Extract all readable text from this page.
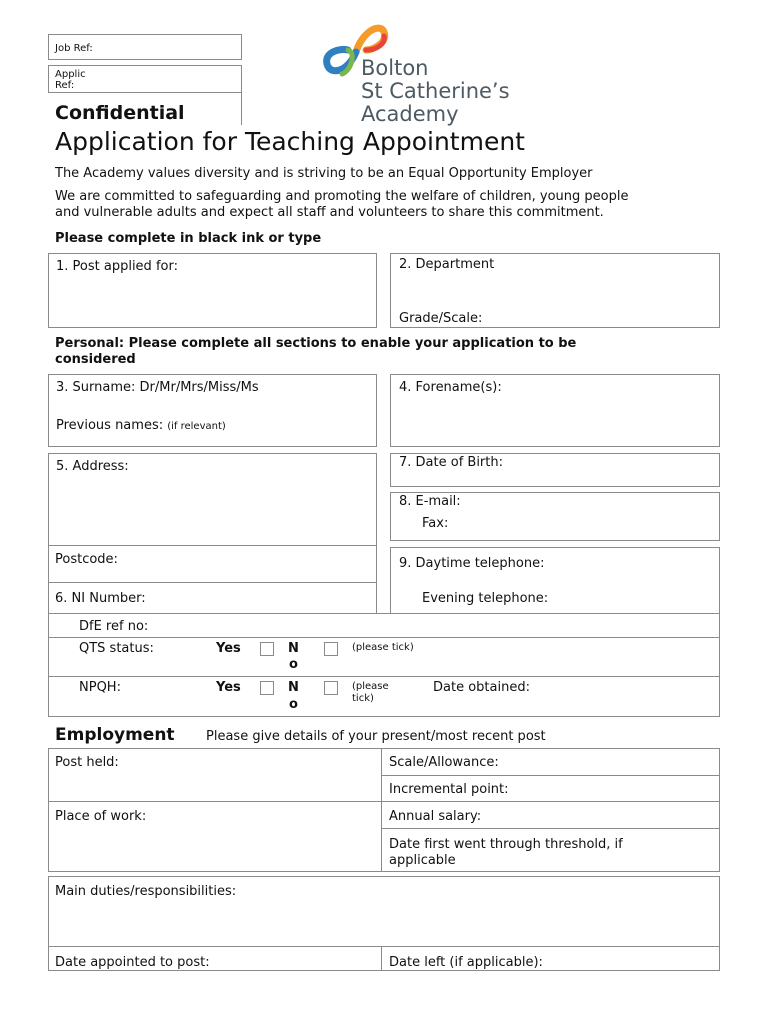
Job Ref:
Applic
Ref:
Confidential
Bolton
St Catherine’s
Academy
Application for Teaching Appointment
The Academy values diversity and is striving to be an Equal Opportunity Employer
We are committed to safeguarding and promoting the welfare of children, young people
and vulnerable adults and expect all staff and volunteers to share this commitment.
Please complete in black ink or type
1. Post applied for:	2. Department
Grade/Scale:
Personal: Please complete all sections to enable your application to be
considered
3. Surname: Dr/Mr/Mrs/Miss/Ms
Previous names: (if relevant)
4. Forename(s):
5. Address:
Postcode:
6. NI Number:
7. Date of Birth:
8. E-mail:
Fax:
9. Daytime telephone:
Evening telephone:
DfE ref no:
QTS status:	Yes	N
o
(please tick)
NPQH:	Yes	N
o
(please
tick)
Date obtained:
Employment Please give details of your present/most recent post
Post held:	Scale/Allowance:
Incremental point:
Place of work:	Annual salary:
Date first went through threshold, if
applicable
Main duties/responsibilities:
Date appointed to post:	Date left (if applicable):
